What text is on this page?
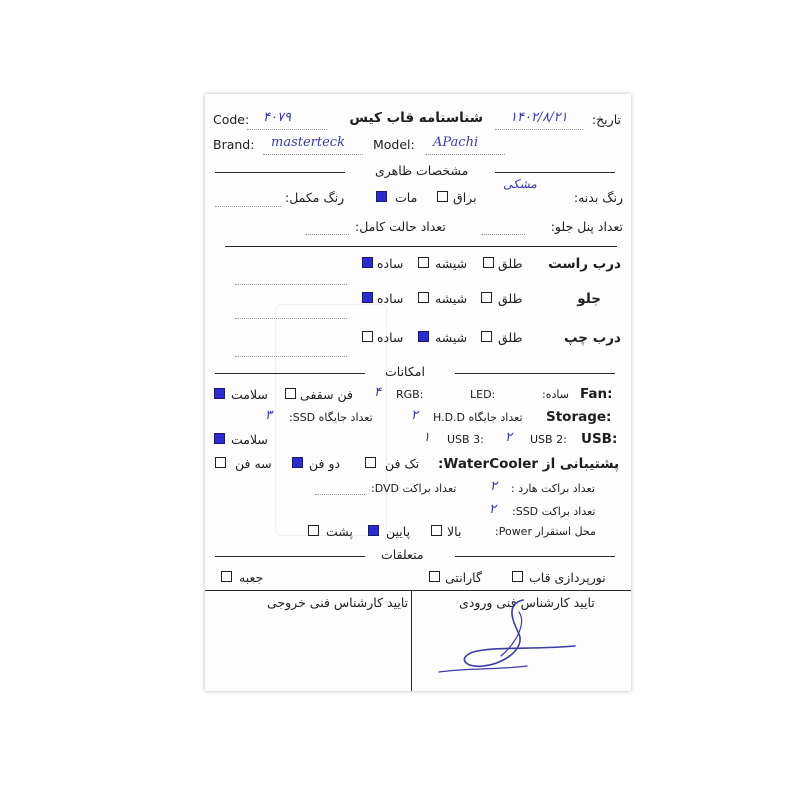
Code: ۴۰۷۹	شناسنامه قاب کیس	تاریخ:
۱۴۰۲/۸/۲۱
Brand: masterteck Model: APachi
مشخصات ظاهری
رنگ بدنه:
مشکی
براق
مات
رنگ مکمل:
تعداد پنل جلو:
تعداد حالت کامل:
درب راست
طلق
شیشه
ساده
جلو
طلق
شیشه
ساده
درب چپ
طلق
شیشه
ساده
امکانات
Fan:
ساده:
LED:
RGB:
۴
فن سقفی
سلامت
Storage:
تعداد جایگاه H.D.D
۲
تعداد جایگاه SSD:
۳
USB:
USB 2:
۲
USB 3:
۱
سلامت
پشتیبانی از WaterCooler:
تک فن
دو فن
سه فن
تعداد براکت هارد :
۲
تعداد براکت DVD:
تعداد براکت SSD:
۲
محل استقرار Power:
بالا
پایین
پشت
متعلقات
نورپردازی قاب
گارانتی
جعبه
تایید کارشناس فنی ورودی
تایید کارشناس فنی خروجی
